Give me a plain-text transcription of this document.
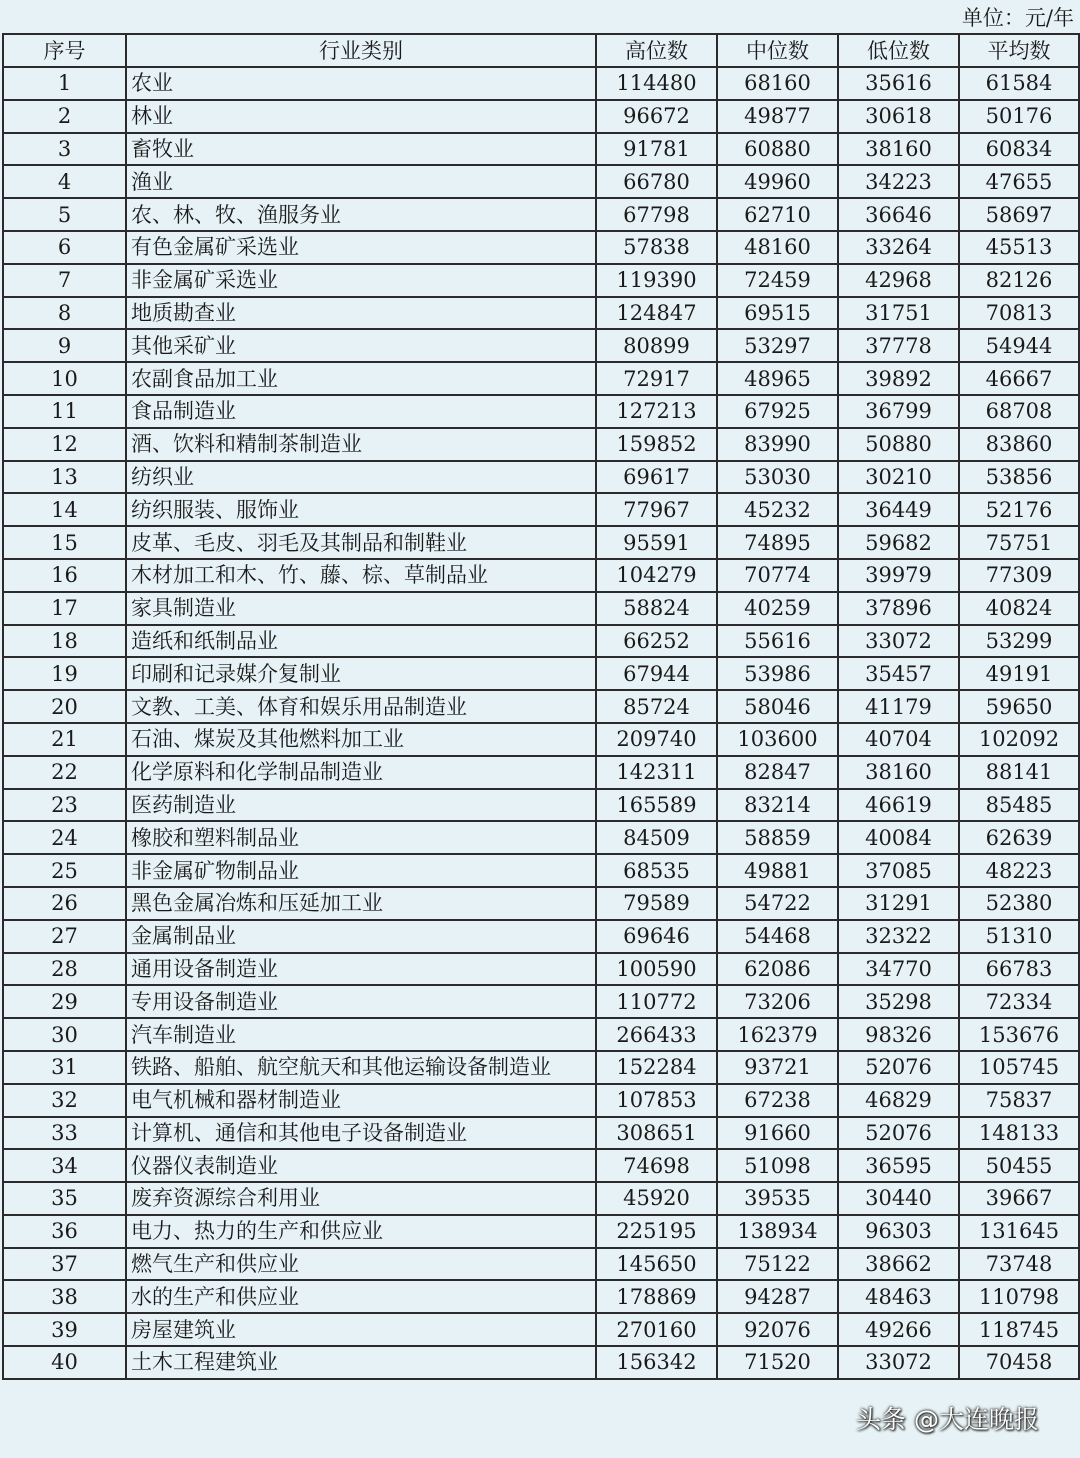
单位：元/年
序号	行业类别	高位数	中位数	低位数	平均数
1	农业	114480	68160	35616	61584
2	林业	96672	49877	30618	50176
3	畜牧业	91781	60880	38160	60834
4	渔业	66780	49960	34223	47655
5	农、林、牧、渔服务业	67798	62710	36646	58697
6	有色金属矿采选业	57838	48160	33264	45513
7	非金属矿采选业	119390	72459	42968	82126
8	地质勘查业	124847	69515	31751	70813
9	其他采矿业	80899	53297	37778	54944
10	农副食品加工业	72917	48965	39892	46667
11	食品制造业	127213	67925	36799	68708
12	酒、饮料和精制茶制造业	159852	83990	50880	83860
13	纺织业	69617	53030	30210	53856
14	纺织服装、服饰业	77967	45232	36449	52176
15	皮革、毛皮、羽毛及其制品和制鞋业	95591	74895	59682	75751
16	木材加工和木、竹、藤、棕、草制品业	104279	70774	39979	77309
17	家具制造业	58824	40259	37896	40824
18	造纸和纸制品业	66252	55616	33072	53299
19	印刷和记录媒介复制业	67944	53986	35457	49191
20	文教、工美、体育和娱乐用品制造业	85724	58046	41179	59650
21	石油、煤炭及其他燃料加工业	209740	103600	40704	102092
22	化学原料和化学制品制造业	142311	82847	38160	88141
23	医药制造业	165589	83214	46619	85485
24	橡胶和塑料制品业	84509	58859	40084	62639
25	非金属矿物制品业	68535	49881	37085	48223
26	黑色金属冶炼和压延加工业	79589	54722	31291	52380
27	金属制品业	69646	54468	32322	51310
28	通用设备制造业	100590	62086	34770	66783
29	专用设备制造业	110772	73206	35298	72334
30	汽车制造业	266433	162379	98326	153676
31	铁路、船舶、航空航天和其他运输设备制造业	152284	93721	52076	105745
32	电气机械和器材制造业	107853	67238	46829	75837
33	计算机、通信和其他电子设备制造业	308651	91660	52076	148133
34	仪器仪表制造业	74698	51098	36595	50455
35	废弃资源综合利用业	45920	39535	30440	39667
36	电力、热力的生产和供应业	225195	138934	96303	131645
37	燃气生产和供应业	145650	75122	38662	73748
38	水的生产和供应业	178869	94287	48463	110798
39	房屋建筑业	270160	92076	49266	118745
40	土木工程建筑业	156342	71520	33072	70458
头条 @大连晚报
